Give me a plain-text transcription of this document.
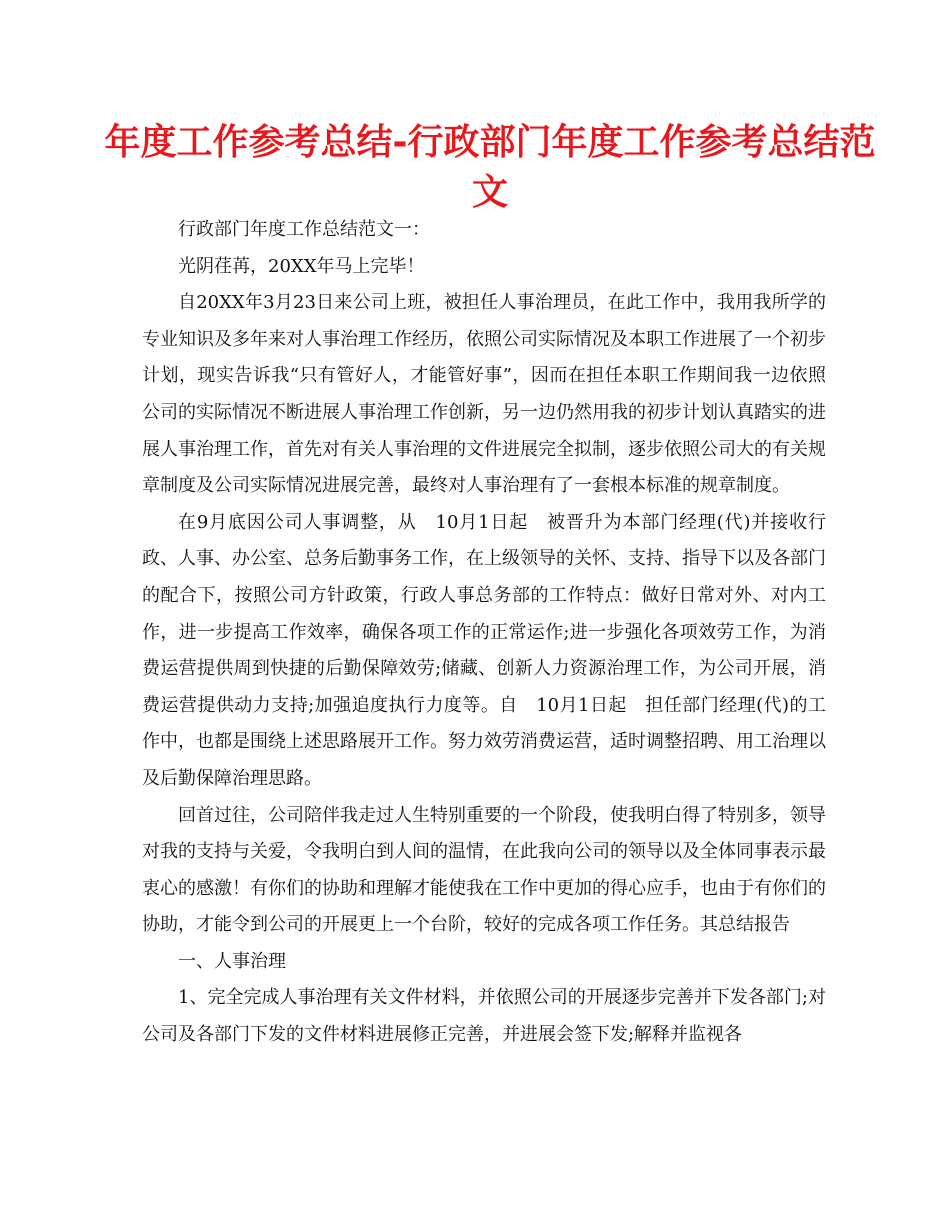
年度工作参考总结-行政部门年度工作参考总结范文

行政部门年度工作总结范文一：

光阴荏苒，20XX年马上完毕！

自20XX年3月23日来公司上班，被担任人事治理员，在此工作中，我用我所学的专业知识及多年来对人事治理工作经历，依照公司实际情况及本职工作进展了一个初步计划，现实告诉我“只有管好人，才能管好事”，因而在担任本职工作期间我一边依照公司的实际情况不断进展人事治理工作创新，另一边仍然用我的初步计划认真踏实的进展人事治理工作，首先对有关人事治理的文件进展完全拟制，逐步依照公司大的有关规章制度及公司实际情况进展完善，最终对人事治理有了一套根本标准的规章制度。

在9月底因公司人事调整，从　10月1日起　被晋升为本部门经理(代)并接收行政、人事、办公室、总务后勤事务工作，在上级领导的关怀、支持、指导下以及各部门的配合下，按照公司方针政策，行政人事总务部的工作特点：做好日常对外、对内工作，进一步提高工作效率，确保各项工作的正常运作;进一步强化各项效劳工作，为消费运营提供周到快捷的后勤保障效劳;储藏、创新人力资源治理工作，为公司开展，消费运营提供动力支持;加强追度执行力度等。自　10月1日起　担任部门经理(代)的工作中，也都是围绕上述思路展开工作。努力效劳消费运营，适时调整招聘、用工治理以及后勤保障治理思路。

回首过往，公司陪伴我走过人生特别重要的一个阶段，使我明白得了特别多，领导对我的支持与关爱，令我明白到人间的温情，在此我向公司的领导以及全体同事表示最衷心的感激！有你们的协助和理解才能使我在工作中更加的得心应手，也由于有你们的协助，才能令到公司的开展更上一个台阶，较好的完成各项工作任务。其总结报告

一、人事治理

1、完全完成人事治理有关文件材料，并依照公司的开展逐步完善并下发各部门;对公司及各部门下发的文件材料进展修正完善，并进展会签下发;解释并监视各
